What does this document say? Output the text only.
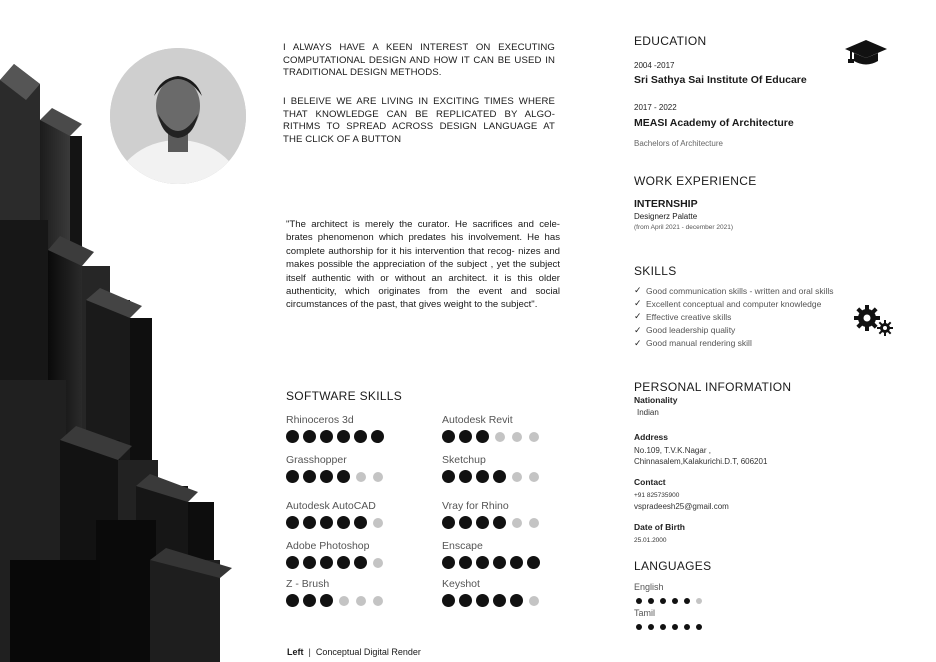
I ALWAYS HAVE A KEEN INTEREST ON EXECUTING COMPUTATIONAL DESIGN AND HOW IT CAN BE USED IN TRADITIONAL DESIGN METHODS.
I BELEIVE WE ARE LIVING IN EXCITING TIMES WHERE THAT KNOWLEDGE CAN BE REPLICATED BY ALGO- RITHMS TO SPREAD ACROSS DESIGN LANGUAGE AT THE CLICK OF A BUTTON
"The architect is merely the curator. He sacrifices and cele- brates phenomenon which predates his involvement. He has complete authorship for it his intervention that recog- nizes and makes possible the appreciation of the subject , yet the subject itself authentic with or without an architect. it is this older authenticity, which originates from the event and social circumstances of the past, that gives weight to the subject".
SOFTWARE SKILLS
Rhinoceros 3d	Autodesk Revit
Grasshopper	Sketchup
Autodesk AutoCAD	Vray for Rhino
Adobe Photoshop	Enscape
Z - Brush	Keyshot
Left | Conceptual Digital Render
EDUCATION
2004 -2017
Sri Sathya Sai Institute Of Educare
2017 - 2022
MEASI Academy of Architecture
Bachelors of Architecture
WORK EXPERIENCE
INTERNSHIP
Designerz Palatte
(from April 2021 - december 2021)
SKILLS
✓ Good communication skills - written and oral skills
✓ Excellent conceptual and computer knowledge
✓ Effective creative skills
✓ Good leadership quality
✓ Good manual rendering skill
PERSONAL INFORMATION
Nationality
Indian
Address
No.109, T.V.K.Nagar ,
Chinnasalem,Kalakurichi.D.T, 606201
Contact
+91 825735900
vspradeesh25@gmail.com
Date of Birth
25.01.2000
LANGUAGES
English
Tamil
